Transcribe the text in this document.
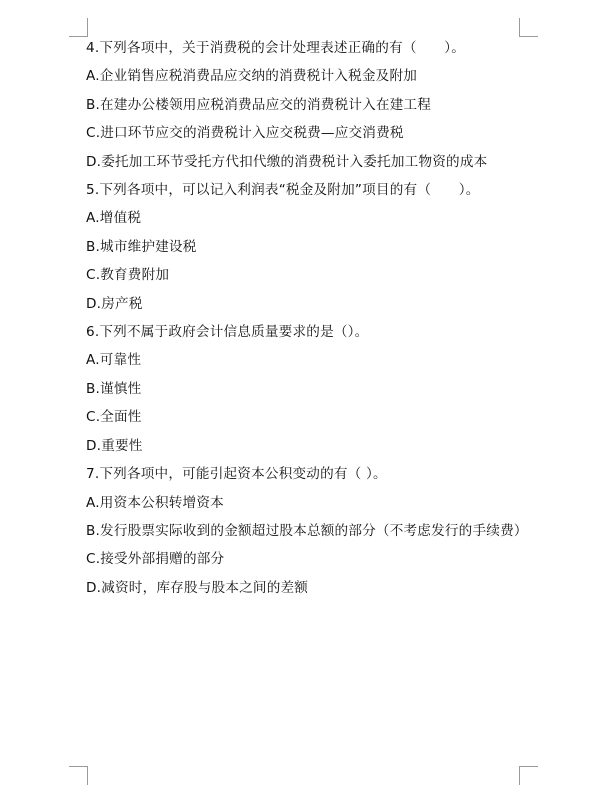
4.下列各项中，关于消费税的会计处理表述正确的有（　　）。
A.企业销售应税消费品应交纳的消费税计入税金及附加
B.在建办公楼领用应税消费品应交的消费税计入在建工程
C.进口环节应交的消费税计入应交税费—应交消费税
D.委托加工环节受托方代扣代缴的消费税计入委托加工物资的成本
5.下列各项中，可以记入利润表“税金及附加”项目的有（　　）。
A.增值税
B.城市维护建设税
C.教育费附加
D.房产税
6.下列不属于政府会计信息质量要求的是（）。
A.可靠性
B.谨慎性
C.全面性
D.重要性
7.下列各项中，可能引起资本公积变动的有（ ）。
A.用资本公积转增资本
B.发行股票实际收到的金额超过股本总额的部分（不考虑发行的手续费）
C.接受外部捐赠的部分
D.减资时，库存股与股本之间的差额
